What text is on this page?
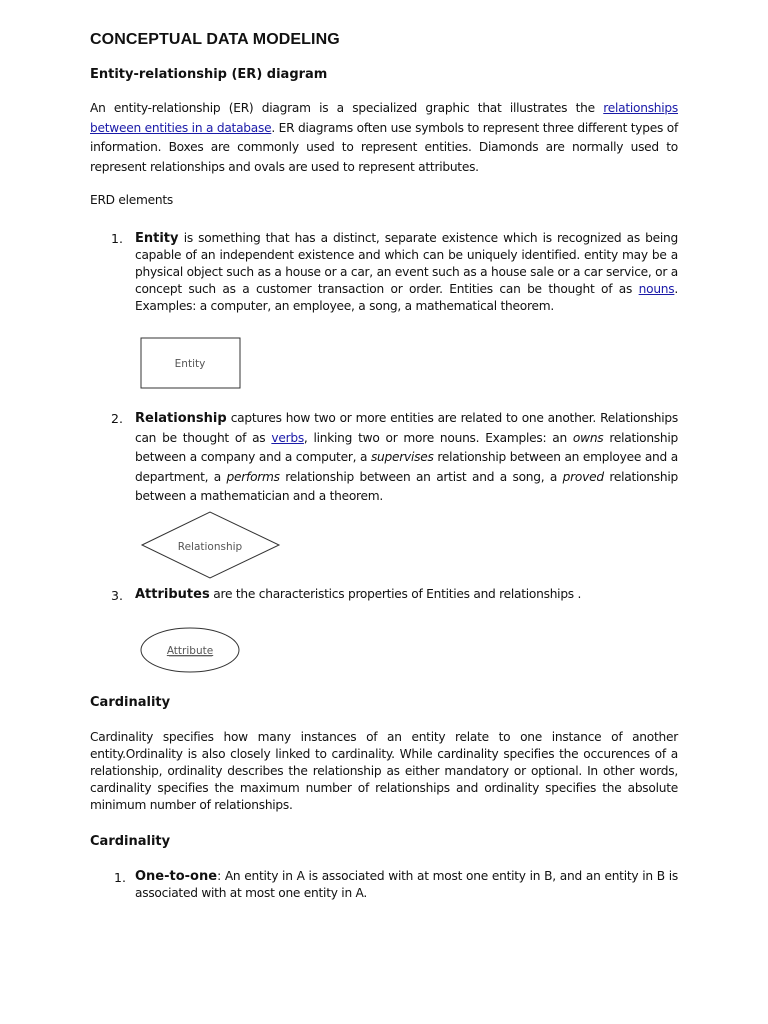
CONCEPTUAL DATA MODELING
Entity-relationship (ER) diagram
An entity-relationship (ER) diagram is a specialized graphic that illustrates the relationships between entities in a database. ER diagrams often use symbols to represent three different types of information. Boxes are commonly used to represent entities. Diamonds are normally used to represent relationships and ovals are used to represent attributes.
ERD elements
1. Entity is something that has a distinct, separate existence which is recognized as being capable of an independent existence and which can be uniquely identified. entity may be a physical object such as a house or a car, an event such as a house sale or a car service, or a concept such as a customer transaction or order. Entities can be thought of as nouns. Examples: a computer, an employee, a song, a mathematical theorem.
Entity
2. Relationship captures how two or more entities are related to one another. Relationships can be thought of as verbs, linking two or more nouns. Examples: an owns relationship between a company and a computer, a supervises relationship between an employee and a department, a performs relationship between an artist and a song, a proved relationship between a mathematician and a theorem.
Relationship
3. Attributes are the characteristics properties of Entities and relationships .
Attribute
Cardinality
Cardinality specifies how many instances of an entity relate to one instance of another entity.Ordinality is also closely linked to cardinality. While cardinality specifies the occurences of a relationship, ordinality describes the relationship as either mandatory or optional. In other words, cardinality specifies the maximum number of relationships and ordinality specifies the absolute minimum number of relationships.
Cardinality
1. One-to-one: An entity in A is associated with at most one entity in B, and an entity in B is associated with at most one entity in A.
